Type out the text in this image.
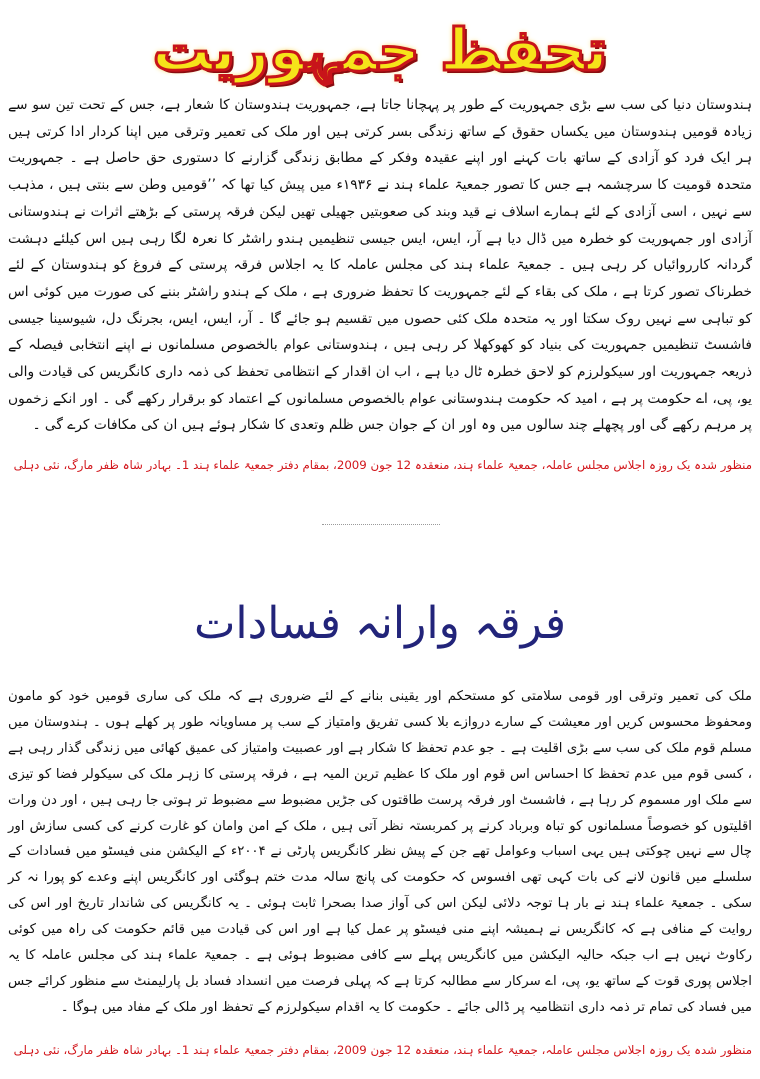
تحفظ جمہوریت
ہندوستان دنیا کی سب سے بڑی جمہوریت کے طور پر پہچانا جاتا ہے، جمہوریت ہندوستان کا شعار ہے، جس کے تحت تین سو سے زیادہ قومیں ہندوستان میں یکساں حقوق کے ساتھ زندگی بسر کرتی ہیں اور ملک کی تعمیر وترقی میں اپنا کردار ادا کرتی ہیں ہر ایک فرد کو آزادی کے ساتھ بات کہنے اور اپنے عقیدہ وفکر کے مطابق زندگی گزارنے کا دستوری حق حاصل ہے ۔ جمہوریت متحدہ قومیت کا سرچشمہ ہے جس کا تصور جمعیۃ علماء ہند نے ۱۹۳۶ء میں پیش کیا تھا کہ ’’قومیں وطن سے بنتی ہیں ، مذہب سے نہیں ، اسی آزادی کے لئے ہمارے اسلاف نے قید وبند کی صعوبتیں جھیلی تھیں لیکن فرقہ پرستی کے بڑھتے اثرات نے ہندوستانی آزادی اور جمہوریت کو خطرہ میں ڈال دیا ہے آر، ایس، ایس جیسی تنظیمیں ہندو راشٹر کا نعرہ لگا رہی ہیں اس کیلئے دہشت گردانہ کارروائیاں کر رہی ہیں ۔ جمعیۃ علماء ہند کی مجلس عاملہ کا یہ اجلاس فرقہ پرستی کے فروغ کو ہندوستان کے لئے خطرناک تصور کرتا ہے ، ملک کی بقاء کے لئے جمہوریت کا تحفظ ضروری ہے ، ملک کے ہندو راشٹر بننے کی صورت میں کوئی اس کو تباہی سے نہیں روک سکتا اور یہ متحدہ ملک کئی حصوں میں تقسیم ہو جائے گا ۔ آر، ایس، ایس، بجرنگ دل، شیوسینا جیسی فاشسٹ تنظیمیں جمہوریت کی بنیاد کو کھوکھلا کر رہی ہیں ، ہندوستانی عوام بالخصوص مسلمانوں نے اپنے انتخابی فیصلہ کے ذریعہ جمہوریت اور سیکولرزم کو لاحق خطرہ ٹال دیا ہے ، اب ان اقدار کے انتظامی تحفظ کی ذمہ داری کانگریس کی قیادت والی یو، پی، اے حکومت پر ہے ، امید کہ حکومت ہندوستانی عوام بالخصوص مسلمانوں کے اعتماد کو برقرار رکھے گی ۔ اور انکے زخموں پر مرہم رکھے گی اور پچھلے چند سالوں میں وہ اور ان کے جوان جس ظلم وتعدی کا شکار ہوئے ہیں ان کی مکافات کرے گی ۔
منظور شدہ یک روزہ اجلاس مجلس عاملہ، جمعیۃ علماء ہند، منعقدہ 12 جون 2009، بمقام دفتر جمعیۃ علماء ہند 1۔ بہادر شاہ ظفر مارگ، نئی دہلی
فرقہ وارانہ فسادات
ملک کی تعمیر وترقی اور قومی سلامتی کو مستحکم اور یقینی بنانے کے لئے ضروری ہے کہ ملک کی ساری قومیں خود کو مامون ومحفوظ محسوس کریں اور معیشت کے سارے دروازے بلا کسی تفریق وامتیاز کے سب پر مساویانہ طور پر کھلے ہوں ۔ ہندوستان میں مسلم قوم ملک کی سب سے بڑی اقلیت ہے ۔ جو عدم تحفظ کا شکار ہے اور عصبیت وامتیاز کی عمیق کھائی میں زندگی گذار رہی ہے ، کسی قوم میں عدم تحفظ کا احساس اس قوم اور ملک کا عظیم ترین المیہ ہے ، فرقہ پرستی کا زہر ملک کی سیکولر فضا کو تیزی سے ملک اور مسموم کر رہا ہے ، فاشسٹ اور فرقہ پرست طاقتوں کی جڑیں مضبوط سے مضبوط تر ہوتی جا رہی ہیں ، اور دن ورات اقلیتوں کو خصوصاً مسلمانوں کو تباہ وبرباد کرنے پر کمربستہ نظر آتی ہیں ، ملک کے امن وامان کو غارت کرنے کی کسی سازش اور چال سے نہیں چوکتی ہیں یہی اسباب وعوامل تھے جن کے پیش نظر کانگریس پارٹی نے ۲۰۰۴ء کے الیکشن منی فیسٹو میں فسادات کے سلسلے میں قانون لانے کی بات کہی تھی افسوس کہ حکومت کی پانچ سالہ مدت ختم ہوگئی اور کانگریس اپنے وعدے کو پورا نہ کر سکی ۔ جمعیۃ علماء ہند نے بار ہا توجہ دلائی لیکن اس کی آواز صدا بصحرا ثابت ہوئی ۔ یہ کانگریس کی شاندار تاریخ اور اس کی روایت کے منافی ہے کہ کانگریس نے ہمیشہ اپنے منی فیسٹو پر عمل کیا ہے اور اس کی قیادت میں قائم حکومت کی راہ میں کوئی رکاوٹ نہیں ہے اب جبکہ حالیہ الیکشن میں کانگریس پہلے سے کافی مضبوط ہوئی ہے ۔ جمعیۃ علماء ہند کی مجلس عاملہ کا یہ اجلاس پوری قوت کے ساتھ یو، پی، اے سرکار سے مطالبہ کرتا ہے کہ پہلی فرصت میں انسداد فساد بل پارلیمنٹ سے منظور کرائے جس میں فساد کی تمام تر ذمہ داری انتظامیہ پر ڈالی جائے ۔ حکومت کا یہ اقدام سیکولرزم کے تحفظ اور ملک کے مفاد میں ہوگا ۔
منظور شدہ یک روزہ اجلاس مجلس عاملہ، جمعیۃ علماء ہند، منعقدہ 12 جون 2009، بمقام دفتر جمعیۃ علماء ہند 1۔ بہادر شاہ ظفر مارگ، نئی دہلی
